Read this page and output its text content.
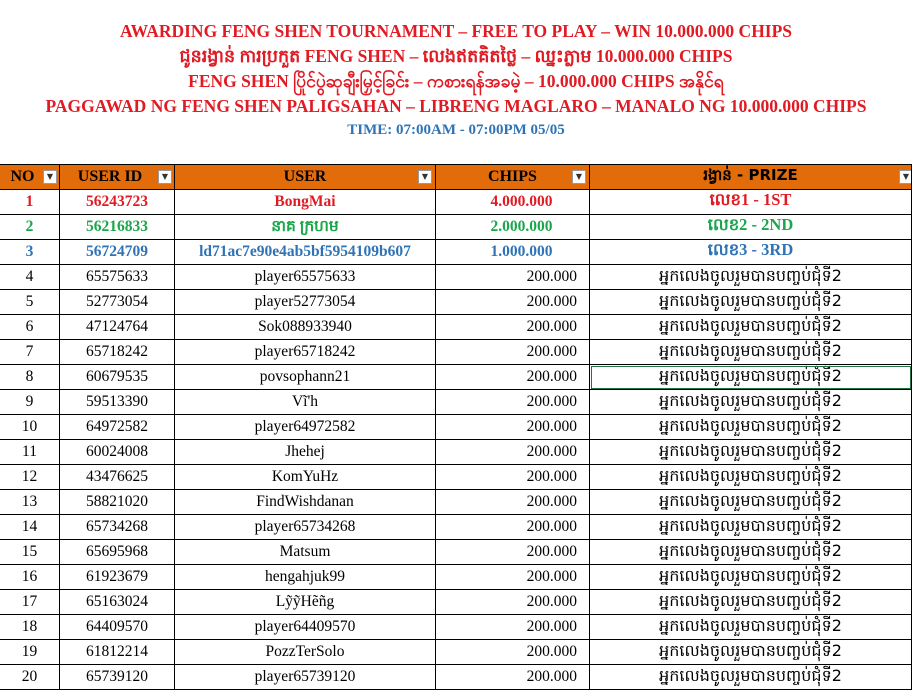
AWARDING FENG SHEN TOURNAMENT – FREE TO PLAY – WIN 10.000.000 CHIPS
ជូនរង្វាន់ ការប្រកួត FENG SHEN – លេងឥតគិតថ្លៃ – ឈ្នះភ្លាម 10.000.000 CHIPS
FENG SHEN ပြိုင်ပွဲဆုချီးမြှင့်ခြင်း – ကစားရန်အခမဲ့ – 10.000.000 CHIPS အနိုင်ရ
PAGGAWAD NG FENG SHEN PALIGSAHAN – LIBRENG MAGLARO – MANALO NG 10.000.000 CHIPS
TIME: 07:00AM - 07:00PM 05/05
NO	▼ USER ID	▼	USER	▼	CHIPS	▼	រង្វាន់ - PRIZE	▼
1	56243723	BongMai	4.000.000	លេខ1 - 1ST
2	56216833	នាគ ក្រហម	2.000.000	លេខ2 - 2ND
3	56724709	ld71ac7e90e4ab5bf5954109b607	1.000.000	លេខ3 - 3RD
4	65575633	player65575633	200.000	អ្នកលេងចូលរួមបានបញ្ចប់ជុំទី2
5	52773054	player52773054	200.000	អ្នកលេងចូលរួមបានបញ្ចប់ជុំទី2
6	47124764	Sok088933940	200.000	អ្នកលេងចូលរួមបានបញ្ចប់ជុំទី2
7	65718242	player65718242	200.000	អ្នកលេងចូលរួមបានបញ្ចប់ជុំទី2
8	60679535	povsophann21	200.000	អ្នកលេងចូលរួមបានបញ្ចប់ជុំទី2
9	59513390	Vĩ'h	200.000	អ្នកលេងចូលរួមបានបញ្ចប់ជុំទី2
10	64972582	player64972582	200.000	អ្នកលេងចូលរួមបានបញ្ចប់ជុំទី2
11	60024008	Jhehej	200.000	អ្នកលេងចូលរួមបានបញ្ចប់ជុំទី2
12	43476625	KomYuHz	200.000	អ្នកលេងចូលរួមបានបញ្ចប់ជុំទី2
13	58821020	FindWishdanan	200.000	អ្នកលេងចូលរួមបានបញ្ចប់ជុំទី2
14	65734268	player65734268	200.000	អ្នកលេងចូលរួមបានបញ្ចប់ជុំទី2
15	65695968	Matsum	200.000	អ្នកលេងចូលរួមបានបញ្ចប់ជុំទី2
16	61923679	hengahjuk99	200.000	អ្នកលេងចូលរួមបានបញ្ចប់ជុំទី2
17	65163024	LỹỹHẽñg	200.000	អ្នកលេងចូលរួមបានបញ្ចប់ជុំទី2
18	64409570	player64409570	200.000	អ្នកលេងចូលរួមបានបញ្ចប់ជុំទី2
19	61812214	PozzTerSolo	200.000	អ្នកលេងចូលរួមបានបញ្ចប់ជុំទី2
20	65739120	player65739120	200.000	អ្នកលេងចូលរួមបានបញ្ចប់ជុំទី2
